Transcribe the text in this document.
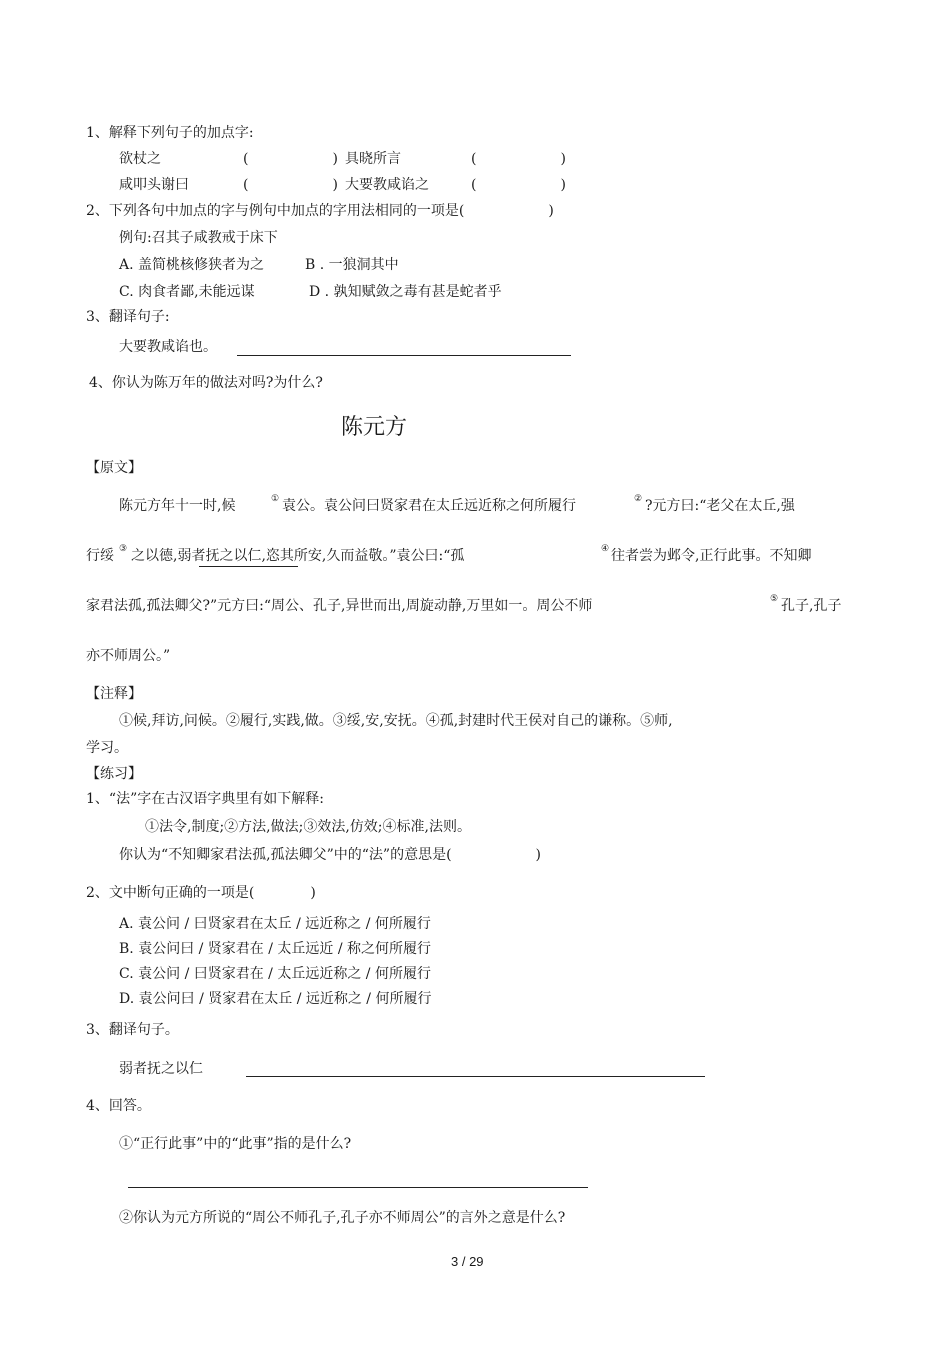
1、解释下列句子的加点字:
欲杖之	(　　　　　　) 具晓所言	(　　　　　　)
咸叩头谢曰	(　　　　　　) 大要教咸谄之	(　　　　　　)
2、下列各句中加点的字与例句中加点的字用法相同的一项是(　　　　　　)
例句:召其子咸教戒于床下
A. 盖简桃核修狭者为之	B . 一狼洞其中
C. 肉食者鄙,未能远谋	D . 孰知赋敛之毒有甚是蛇者乎
3、翻译句子:
大要教咸谄也。
4、你认为陈万年的做法对吗?为什么?
陈元方
【原文】
陈元方年十一时,候	① 袁公。袁公问曰贤家君在太丘远近称之何所履行	② ?元方曰:“老父在太丘,强
行绥 ③ 之以德,弱者抚之以仁,恣其所安,久而益敬。”袁公曰:“孤	④ 往者尝为邺令,正行此事。不知卿
家君法孤,孤法卿父?”元方曰:“周公、孔子,异世而出,周旋动静,万里如一。周公不师	⑤ 孔子,孔子
亦不师周公。”
【注释】
①候,拜访,问候。②履行,实践,做。③绥,安,安抚。④孤,封建时代王侯对自己的谦称。⑤师,
学习。
【练习】
1、“法”字在古汉语字典里有如下解释:
①法令,制度;②方法,做法;③效法,仿效;④标准,法则。
你认为“不知卿家君法孤,孤法卿父”中的“法”的意思是(　　　　　　)
2、文中断句正确的一项是(　　　　)
A. 袁公问 / 曰贤家君在太丘 / 远近称之 / 何所履行
B. 袁公问曰 / 贤家君在 / 太丘远近 / 称之何所履行
C. 袁公问 / 曰贤家君在 / 太丘远近称之 / 何所履行
D. 袁公问曰 / 贤家君在太丘 / 远近称之 / 何所履行
3、翻译句子。
弱者抚之以仁
4、回答。
①“正行此事”中的“此事”指的是什么?
②你认为元方所说的“周公不师孔子,孔子亦不师周公”的言外之意是什么?
3 / 29
